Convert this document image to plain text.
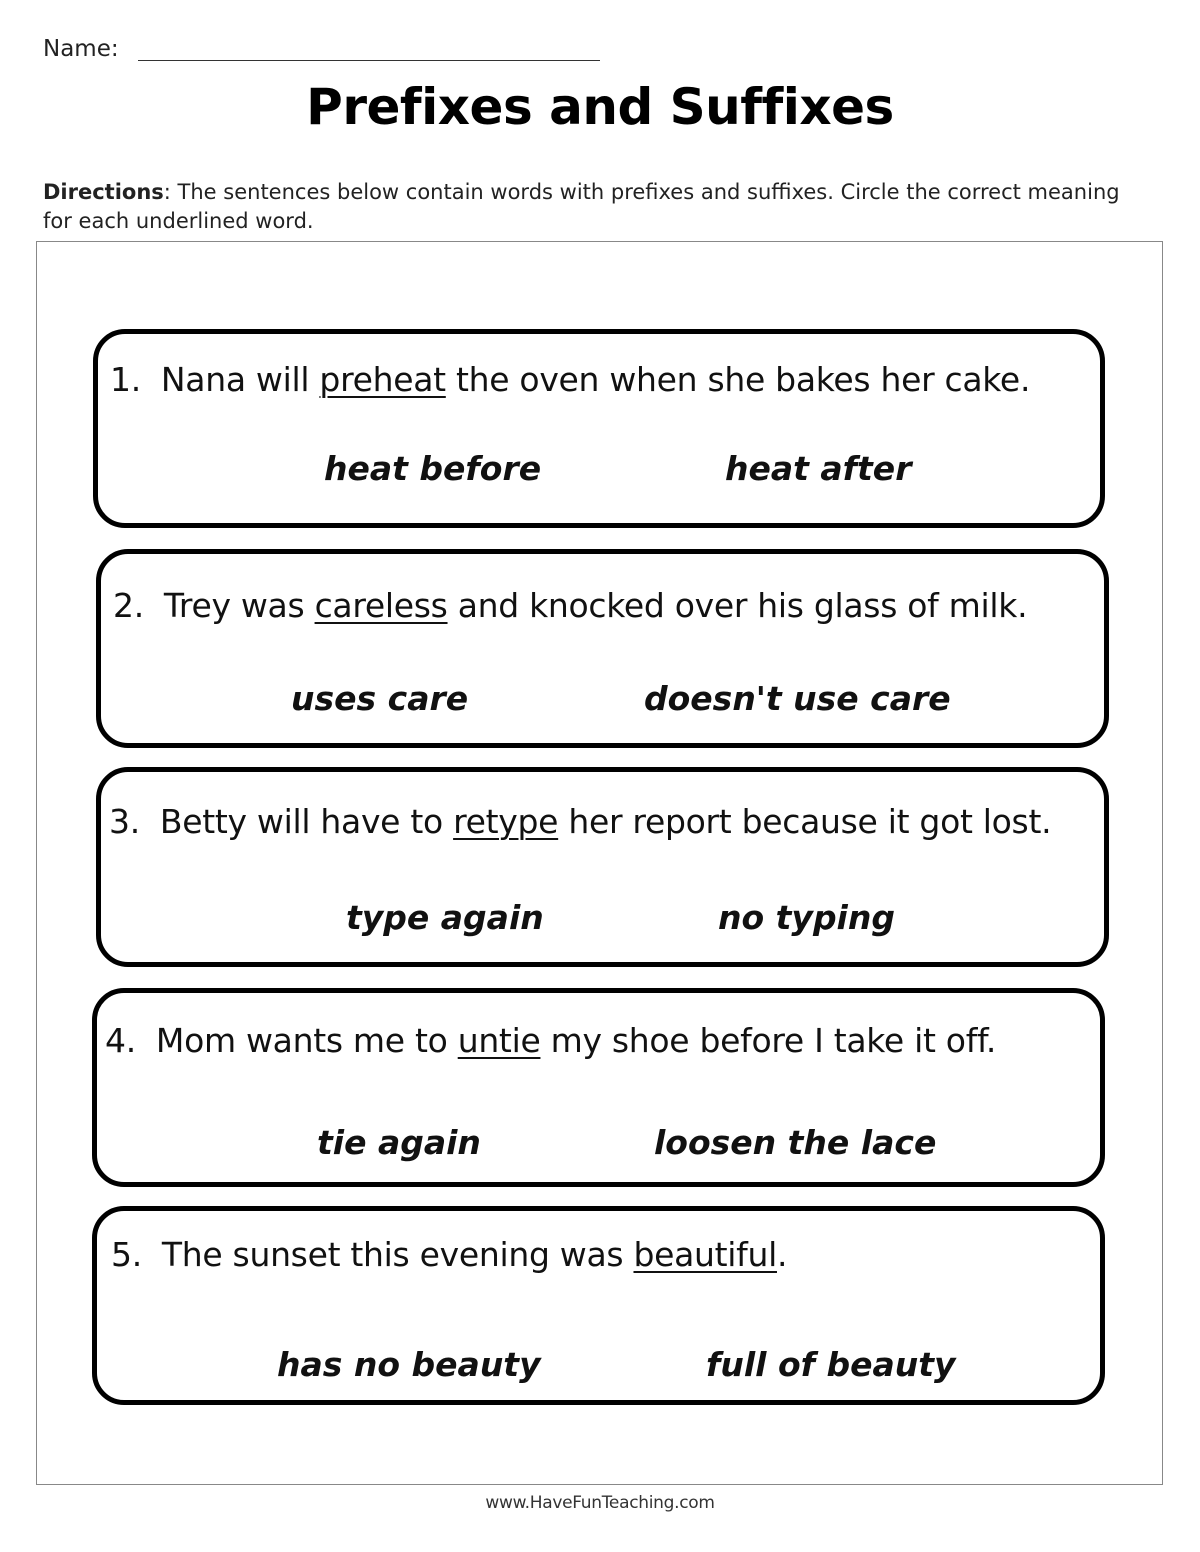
Name:
Prefixes and Suffixes
Directions: The sentences below contain words with prefixes and suffixes. Circle the correct meaning for each underlined word.
1. Nana will preheat the oven when she bakes her cake.
heat before	heat after
2. Trey was careless and knocked over his glass of milk.
uses care	doesn't use care
3. Betty will have to retype her report because it got lost.
type again	no typing
4. Mom wants me to untie my shoe before I take it off.
tie again	loosen the lace
5. The sunset this evening was beautiful.
has no beauty	full of beauty
www.HaveFunTeaching.com
